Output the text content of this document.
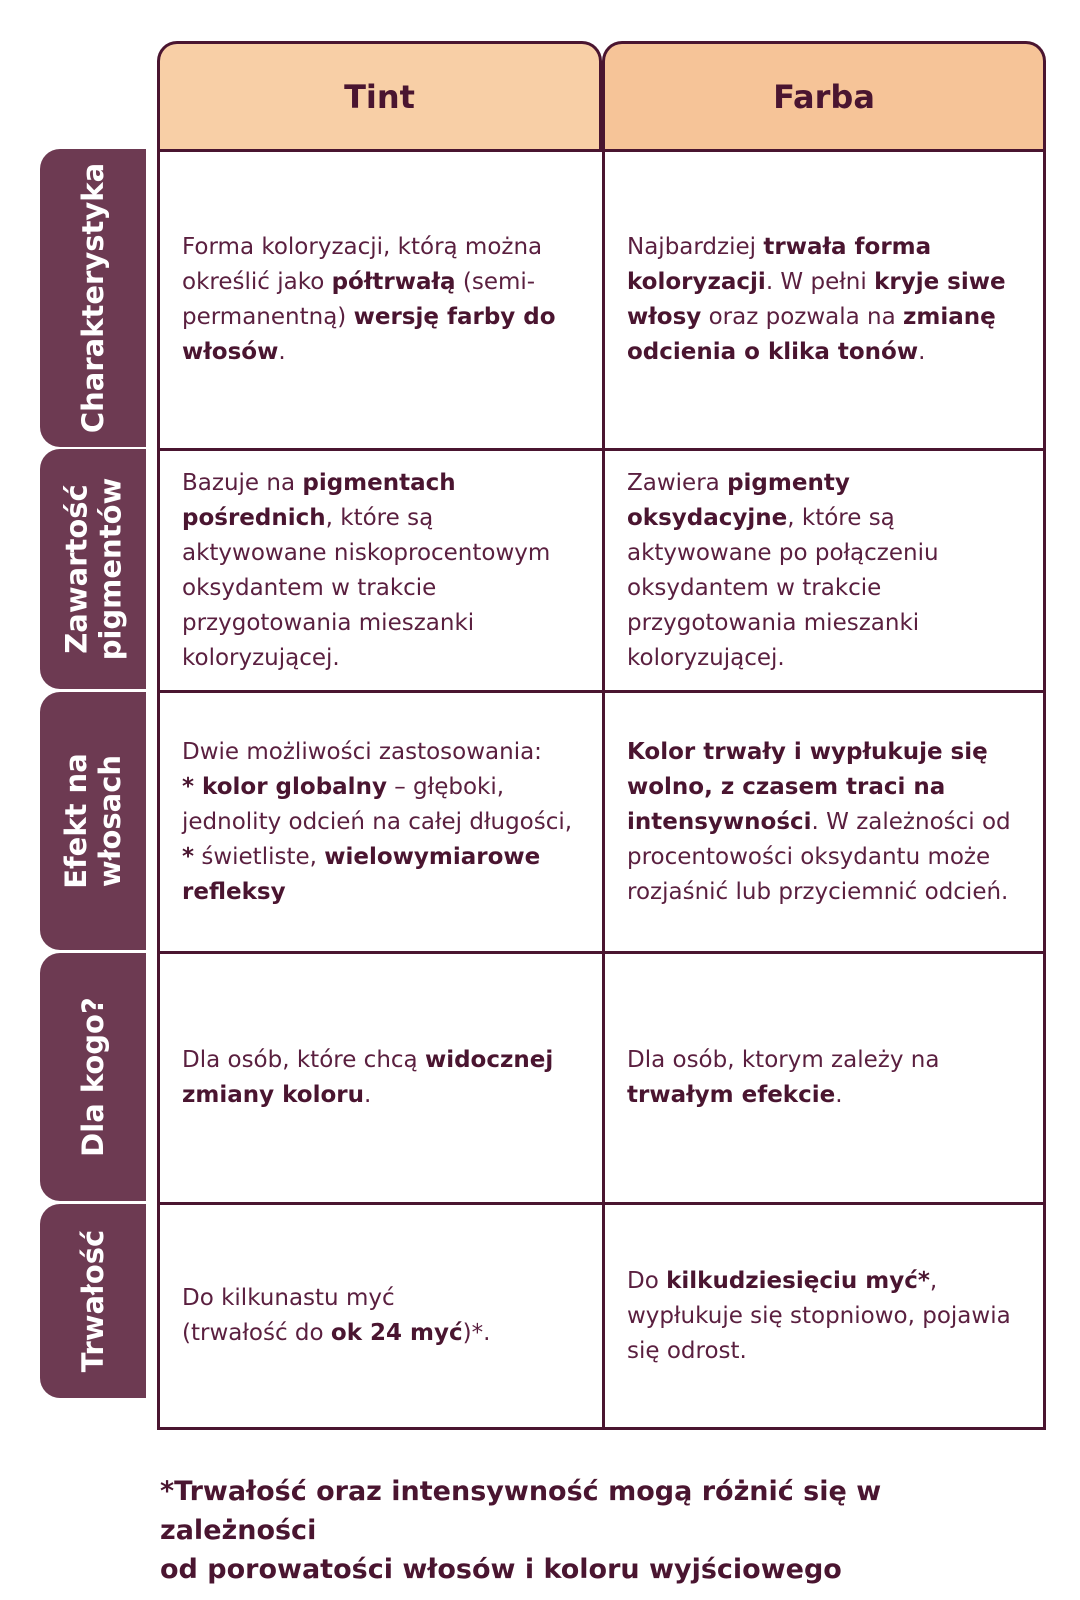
Tint	Farba

Forma koloryzacji, którą można określić jako półtrwałą (semi-permanentną) wersję farby do włosów.

Najbardziej trwała forma koloryzacji. W pełni kryje siwe włosy oraz pozwala na zmianę odcienia o klika tonów.

Bazuje na pigmentach pośrednich, które są aktywowane niskoprocentowym oksydantem w trakcie przygotowania mieszanki koloryzującej.

Zawiera pigmenty oksydacyjne, które są aktywowane po połączeniu oksydantem w trakcie przygotowania mieszanki koloryzującej.

Dwie możliwości zastosowania:
* kolor globalny – głęboki, jednolity odcień na całej długości,
* świetliste, wielowymiarowe refleksy

Kolor trwały i wypłukuje się wolno, z czasem traci na intensywności. W zależności od procentowości oksydantu może rozjaśnić lub przyciemnić odcień.

Dla osób, które chcą widocznej zmiany koloru.

Dla osób, ktorym zależy na trwałym efekcie.

Do kilkunastu myć
(trwałość do ok 24 myć)*.

Do kilkudziesięciu myć*, wypłukuje się stopniowo, pojawia się odrost.

Charakterystyka
Zawartość pigmentów
Efekt na włosach
Dla kogo?
Trwałość
*Trwałość oraz intensywność mogą różnić się w zależności
od porowatości włosów i koloru wyjściowego
